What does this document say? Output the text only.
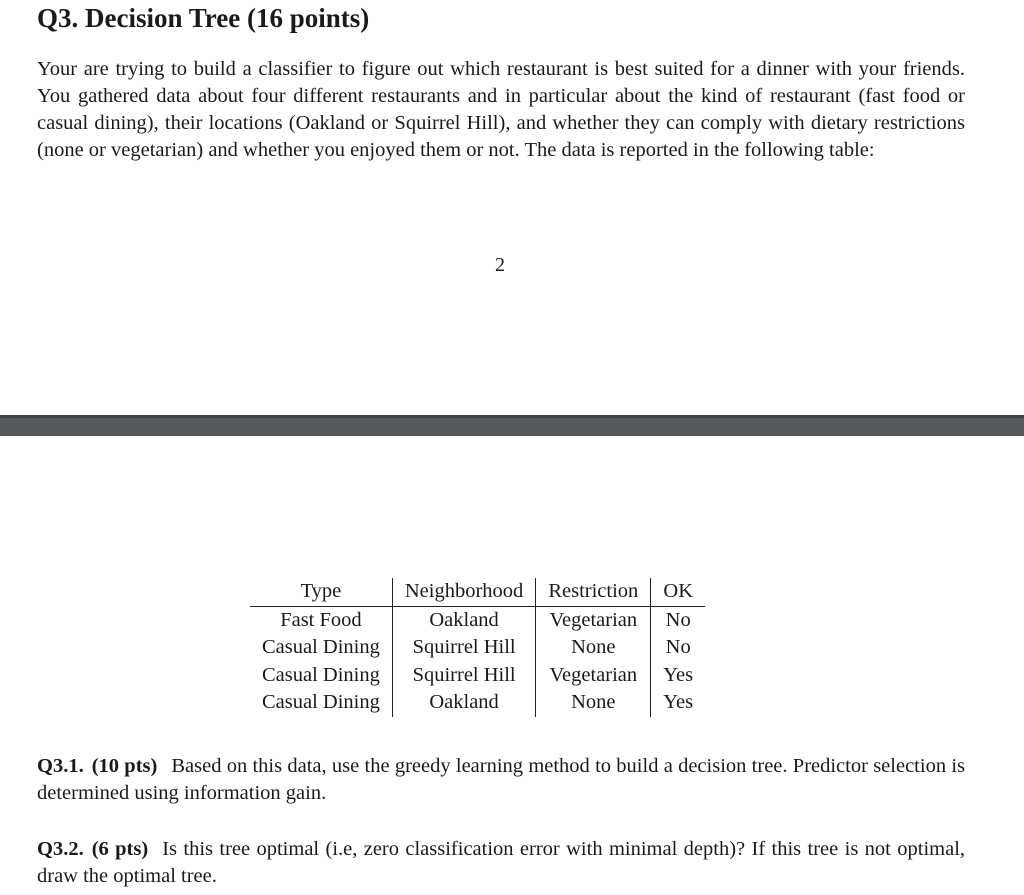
Q3. Decision Tree (16 points)

Your are trying to build a classifier to figure out which restaurant is best suited for a dinner with your friends. You gathered data about four different restaurants and in particular about the kind of restaurant (fast food or casual dining), their locations (Oakland or Squirrel Hill), and whether they can comply with dietary restrictions (none or vegetarian) and whether you enjoyed them or not. The data is reported in the following table:

2
Type	Neighborhood	Restriction	OK
Fast Food	Oakland	Vegetarian	No
Casual Dining	Squirrel Hill	None	No
Casual Dining	Squirrel Hill	Vegetarian	Yes
Casual Dining	Oakland	None	Yes

Q3.1. (10 pts) Based on this data, use the greedy learning method to build a decision tree. Predictor selection is determined using information gain.

Q3.2. (6 pts) Is this tree optimal (i.e, zero classification error with minimal depth)? If this tree is not optimal, draw the optimal tree.
